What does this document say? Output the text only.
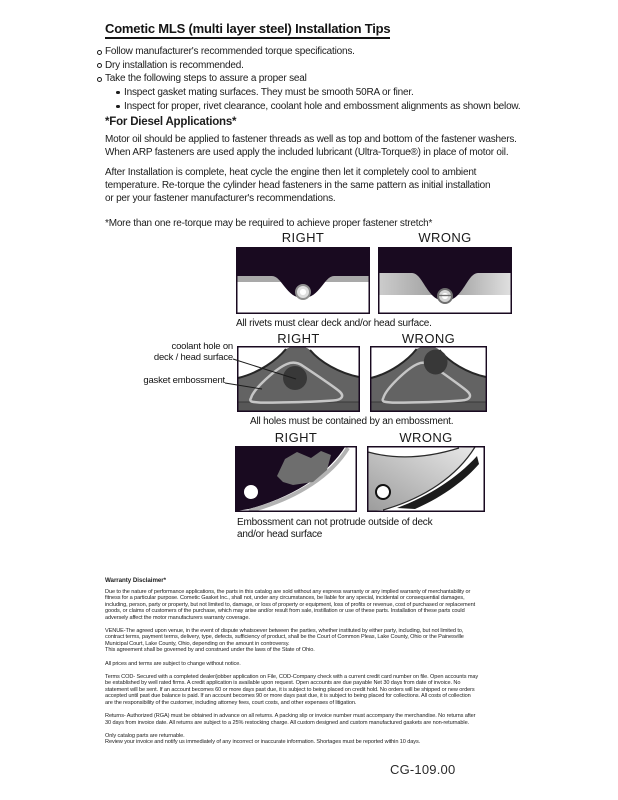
Cometic MLS (multi layer steel) Installation Tips
Follow manufacturer's recommended torque specifications.
Dry installation is recommended.
Take the following steps to assure a proper seal
Inspect gasket mating surfaces. They must be smooth 50RA or finer.
Inspect for proper, rivet clearance, coolant hole and embossment alignments as shown below.
*For Diesel Applications*
Motor oil should be applied to fastener threads as well as top and bottom of the fastener washers.
When ARP fasteners are used apply the included lubricant (Ultra-Torque®) in place of motor oil.
After Installation is complete, heat cycle the engine then let it completely cool to ambient
temperature. Re-torque the cylinder head fasteners in the same pattern as initial installation
or per your fastener manufacturer's recommendations.
*More than one re-torque may be required to achieve proper fastener stretch*
RIGHT	WRONG
All rivets must clear deck and/or head surface.
RIGHT	WRONG
coolant hole on
deck / head surface
gasket embossment
All holes must be contained by an embossment.
RIGHT	WRONG
Embossment can not protrude outside of deck
and/or head surface
Warranty Disclaimer*
Due to the nature of performance applications, the parts in this catalog are sold without any express warranty or any implied warranty of merchantability or
fitness for a particular purpose. Cometic Gasket Inc., shall not, under any circumstances, be liable for any special, incidental or consequential damages,
including, person, party or property, but not limited to, damage, or loss of property or equipment, loss of profits or revenue, cost of purchased or replacement
goods, or claims of customers of the purchase, which may arise and/or result from sale, instillation or use of these parts. Installation of these parts could
adversely affect the motor manufacturers warranty coverage.
VENUE-The agreed upon venue, in the event of dispute whatsoever between the parties, whether instituted by either party, including, but not limited to,
contract terms, payment terms, delivery, type, defects, sufficiency of product, shall be the Court of Common Pleas, Lake County, Ohio or the Painesville
Municipal Court, Lake County, Ohio, depending on the amount in controversy.
This agreement shall be governed by and construed under the laws of the State of Ohio.
All prices and terms are subject to change without notice.
Terms COD- Secured with a completed dealer/jobber application on File, COD-Company check with a current credit card number on file. Open accounts may
be established by well rated firms. A credit application is available upon request. Open accounts are due payable Net 30 days from date of invoice. No
statement will be sent. If an account becomes 60 or more days past due, it is subject to being placed on credit hold. No orders will be shipped or new orders
accepted until past due balance is paid. If an account becomes 90 or more days past due, it is subject to being placed for collections. All costs of collection
are the responsibility of the customer, including attorney fees, court costs, and other expenses of litigation.
Returns- Authorized (RGA) must be obtained in advance on all returns. A packing slip or invoice number must accompany the merchandise. No returns after
30 days from invoice date. All returns are subject to a 25% restocking charge. All custom designed and custom manufactured gaskets are non-returnable.
Only catalog parts are returnable.
Review your invoice and notify us immediately of any incorrect or inaccurate information. Shortages must be reported within 10 days.
CG-109.00
